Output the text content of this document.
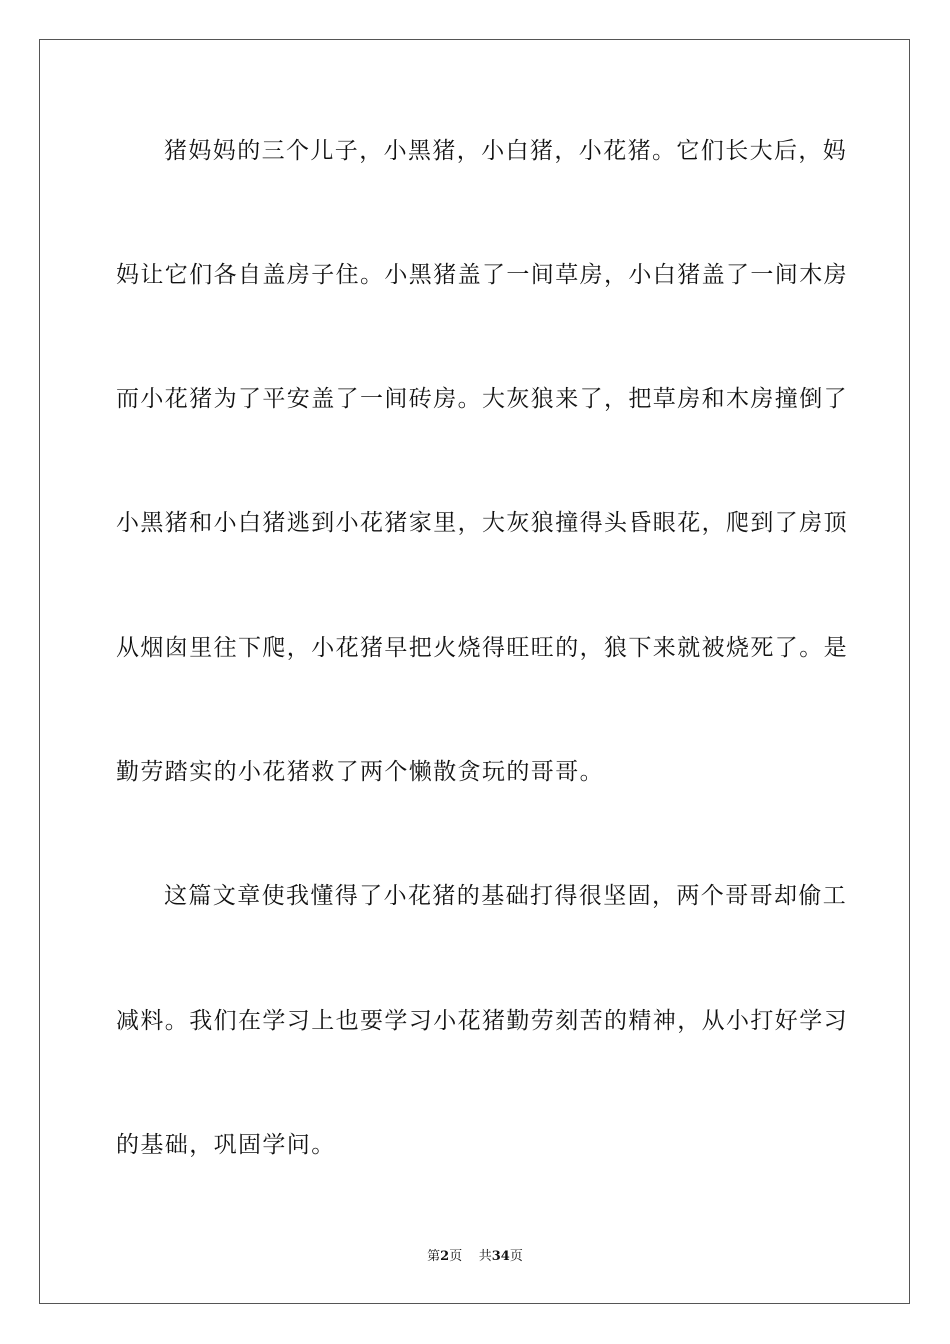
猪妈妈的三个儿子，小黑猪，小白猪，小花猪。它们长大后，妈
妈让它们各自盖房子住。小黑猪盖了一间草房，小白猪盖了一间木房
而小花猪为了平安盖了一间砖房。大灰狼来了，把草房和木房撞倒了
小黑猪和小白猪逃到小花猪家里，大灰狼撞得头昏眼花，爬到了房顶
从烟囱里往下爬，小花猪早把火烧得旺旺的，狼下来就被烧死了。是
勤劳踏实的小花猪救了两个懒散贪玩的哥哥。
这篇文章使我懂得了小花猪的基础打得很坚固，两个哥哥却偷工
减料。我们在学习上也要学习小花猪勤劳刻苦的精神，从小打好学习
的基础，巩固学问。
第2页 共34页
